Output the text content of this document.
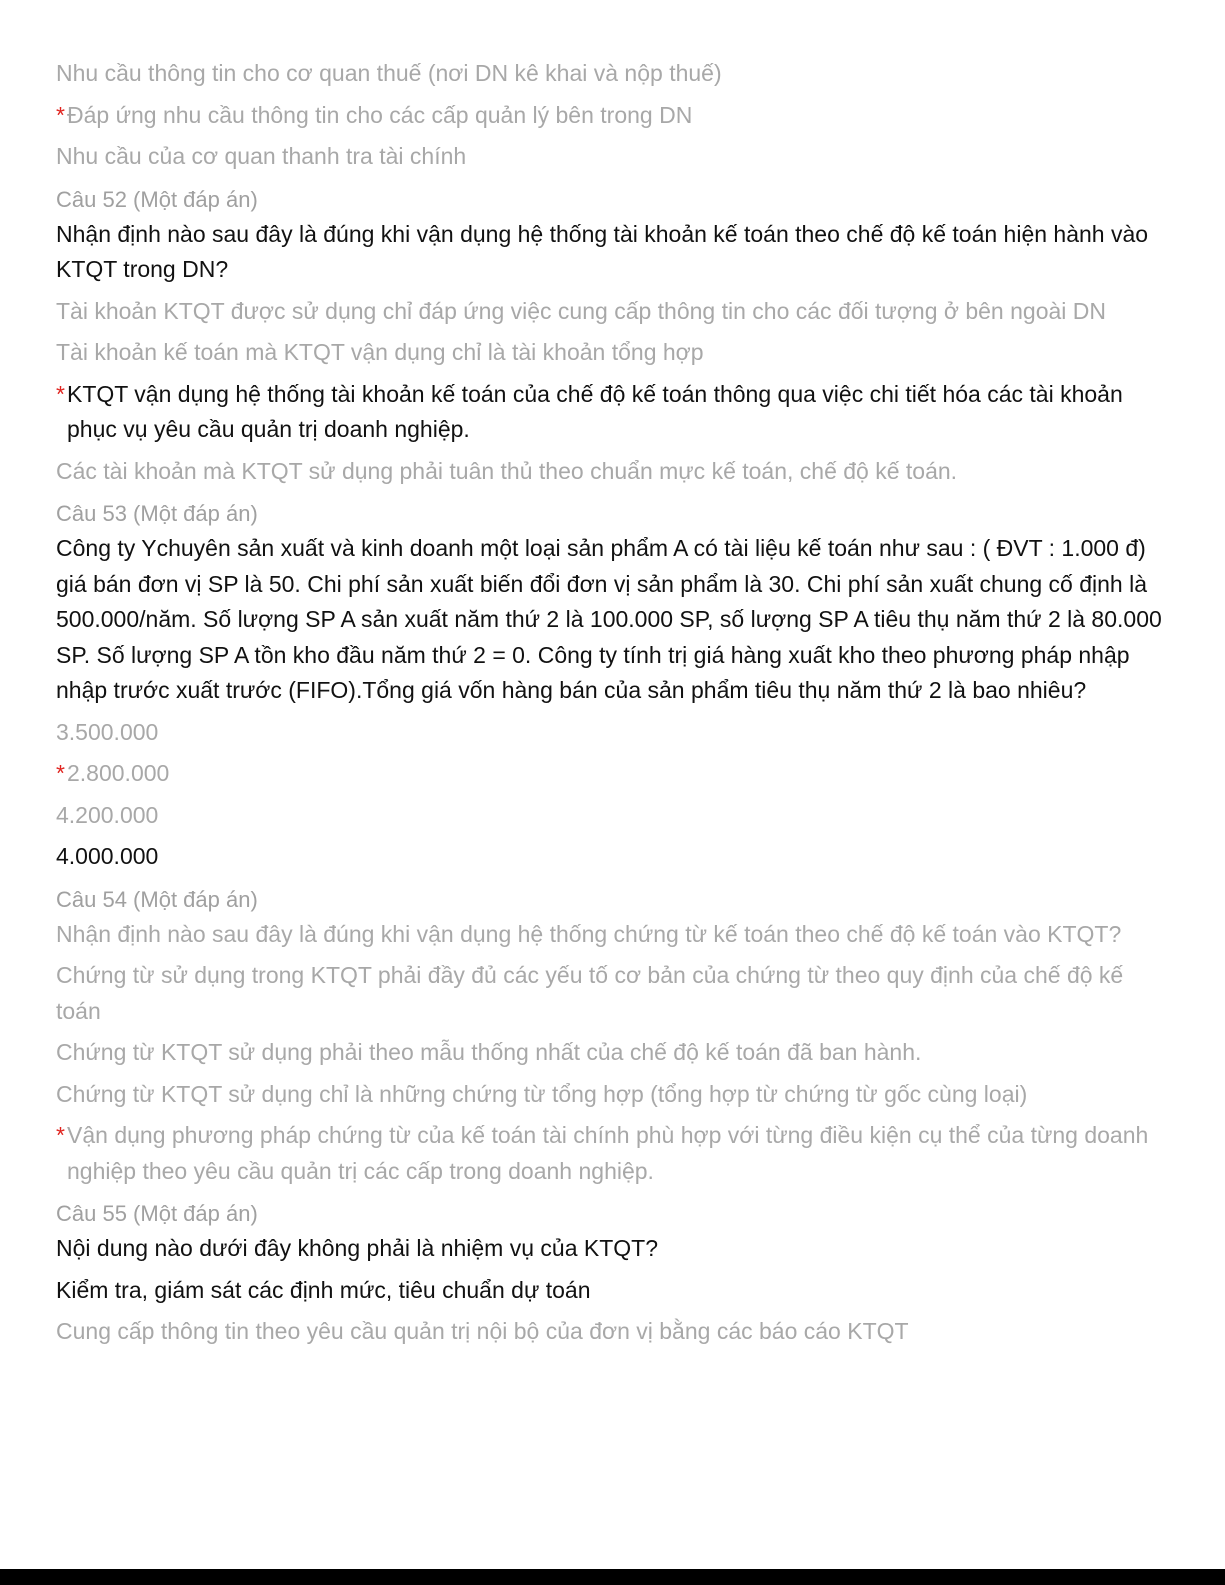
Nhu cầu thông tin cho cơ quan thuế (nơi DN kê khai và nộp thuế)
* Đáp ứng nhu cầu thông tin cho các cấp quản lý bên trong DN
Nhu cầu của cơ quan thanh tra tài chính
Câu 52 (Một đáp án)
Nhận định nào sau đây là đúng khi vận dụng hệ thống tài khoản kế toán theo chế độ kế toán hiện hành vào KTQT trong DN?
Tài khoản KTQT được sử dụng chỉ đáp ứng việc cung cấp thông tin cho các đối tượng ở bên ngoài DN
Tài khoản kế toán mà KTQT vận dụng chỉ là tài khoản tổng hợp
* KTQT vận dụng hệ thống tài khoản kế toán của chế độ kế toán thông qua việc chi tiết hóa các tài khoản phục vụ yêu cầu quản trị doanh nghiệp.
Các tài khoản mà KTQT sử dụng phải tuân thủ theo chuẩn mực kế toán, chế độ kế toán.
Câu 53 (Một đáp án)
Công ty Ychuyên sản xuất và kinh doanh một loại sản phẩm A có tài liệu kế toán như sau : ( ĐVT : 1.000 đ) giá bán đơn vị SP là 50. Chi phí sản xuất biến đổi đơn vị sản phẩm là 30. Chi phí sản xuất chung cố định là 500.000/năm. Số lượng SP A sản xuất năm thứ 2 là 100.000 SP, số lượng SP A tiêu thụ năm thứ 2 là 80.000 SP. Số lượng SP A tồn kho đầu năm thứ 2 = 0. Công ty tính trị giá hàng xuất kho theo phương pháp nhập nhập trước xuất trước (FIFO).Tổng giá vốn hàng bán của sản phẩm tiêu thụ năm thứ 2 là bao nhiêu?
3.500.000
* 2.800.000
4.200.000
4.000.000
Câu 54 (Một đáp án)
Nhận định nào sau đây là đúng khi vận dụng hệ thống chứng từ kế toán theo chế độ kế toán vào KTQT?
Chứng từ sử dụng trong KTQT phải đầy đủ các yếu tố cơ bản của chứng từ theo quy định của chế độ kế toán
Chứng từ KTQT sử dụng phải theo mẫu thống nhất của chế độ kế toán đã ban hành.
Chứng từ KTQT sử dụng chỉ là những chứng từ tổng hợp (tổng hợp từ chứng từ gốc cùng loại)
* Vận dụng phương pháp chứng từ của kế toán tài chính phù hợp với từng điều kiện cụ thể của từng doanh nghiệp theo yêu cầu quản trị các cấp trong doanh nghiệp.
Câu 55 (Một đáp án)
Nội dung nào dưới đây không phải là nhiệm vụ của KTQT?
Kiểm tra, giám sát các định mức, tiêu chuẩn dự toán
Cung cấp thông tin theo yêu cầu quản trị nội bộ của đơn vị bằng các báo cáo KTQT
